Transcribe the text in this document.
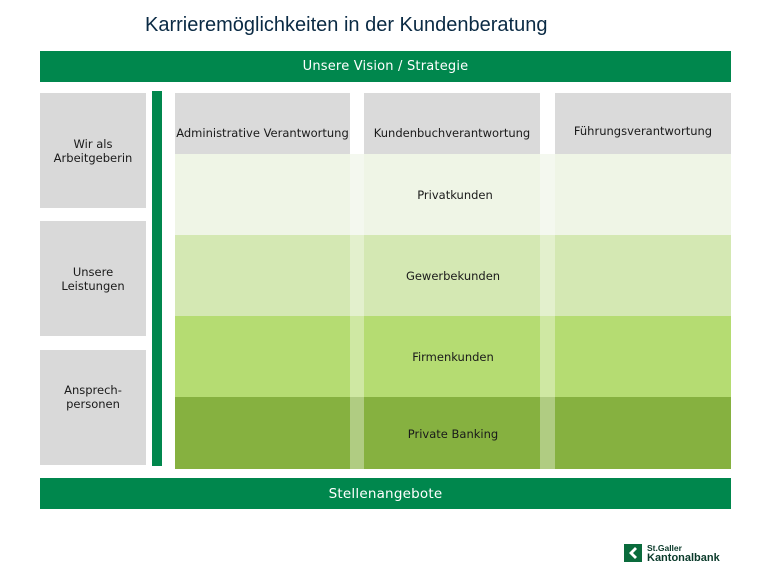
Karrieremöglichkeiten in der Kundenberatung
Unsere Vision / Strategie
Wir als Arbeitgeberin
Unsere Leistungen
Ansprech- personen
Administrative Verantwortung	Kundenbuchverantwortung	Führungsverantwortung
Privatkunden
Gewerbekunden
Firmenkunden
Private Banking
Stellenangebote
St.Galler
Kantonalbank
